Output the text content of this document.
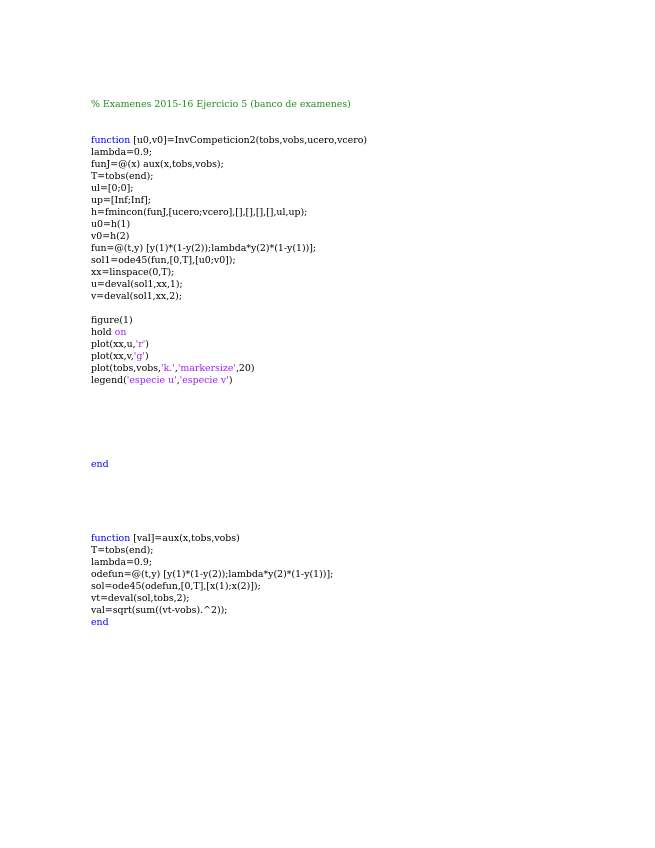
% Examenes 2015-16 Ejercicio 5 (banco de examenes)

function [u0,v0]=InvCompeticion2(tobs,vobs,ucero,vcero)
lambda=0.9;
funJ=@(x) aux(x,tobs,vobs);
T=tobs(end);
ul=[0;0];
up=[Inf;Inf];
h=fmincon(funJ,[ucero;vcero],[],[],[],[],ul,up);
u0=h(1)
v0=h(2)
fun=@(t,y) [y(1)*(1-y(2));lambda*y(2)*(1-y(1))];
sol1=ode45(fun,[0,T],[u0;v0]);
xx=linspace(0,T);
u=deval(sol1,xx,1);
v=deval(sol1,xx,2);
figure(1)
hold on
plot(xx,u,'r')
plot(xx,v,'g')
plot(tobs,vobs,'k.','markersize',20)
legend('especie u','especie v')

end

function [val]=aux(x,tobs,vobs)
T=tobs(end);
lambda=0.9;
odefun=@(t,y) [y(1)*(1-y(2));lambda*y(2)*(1-y(1))];
sol=ode45(odefun,[0,T],[x(1);x(2)]);
vt=deval(sol,tobs,2);
val=sqrt(sum((vt-vobs).^2));
end
